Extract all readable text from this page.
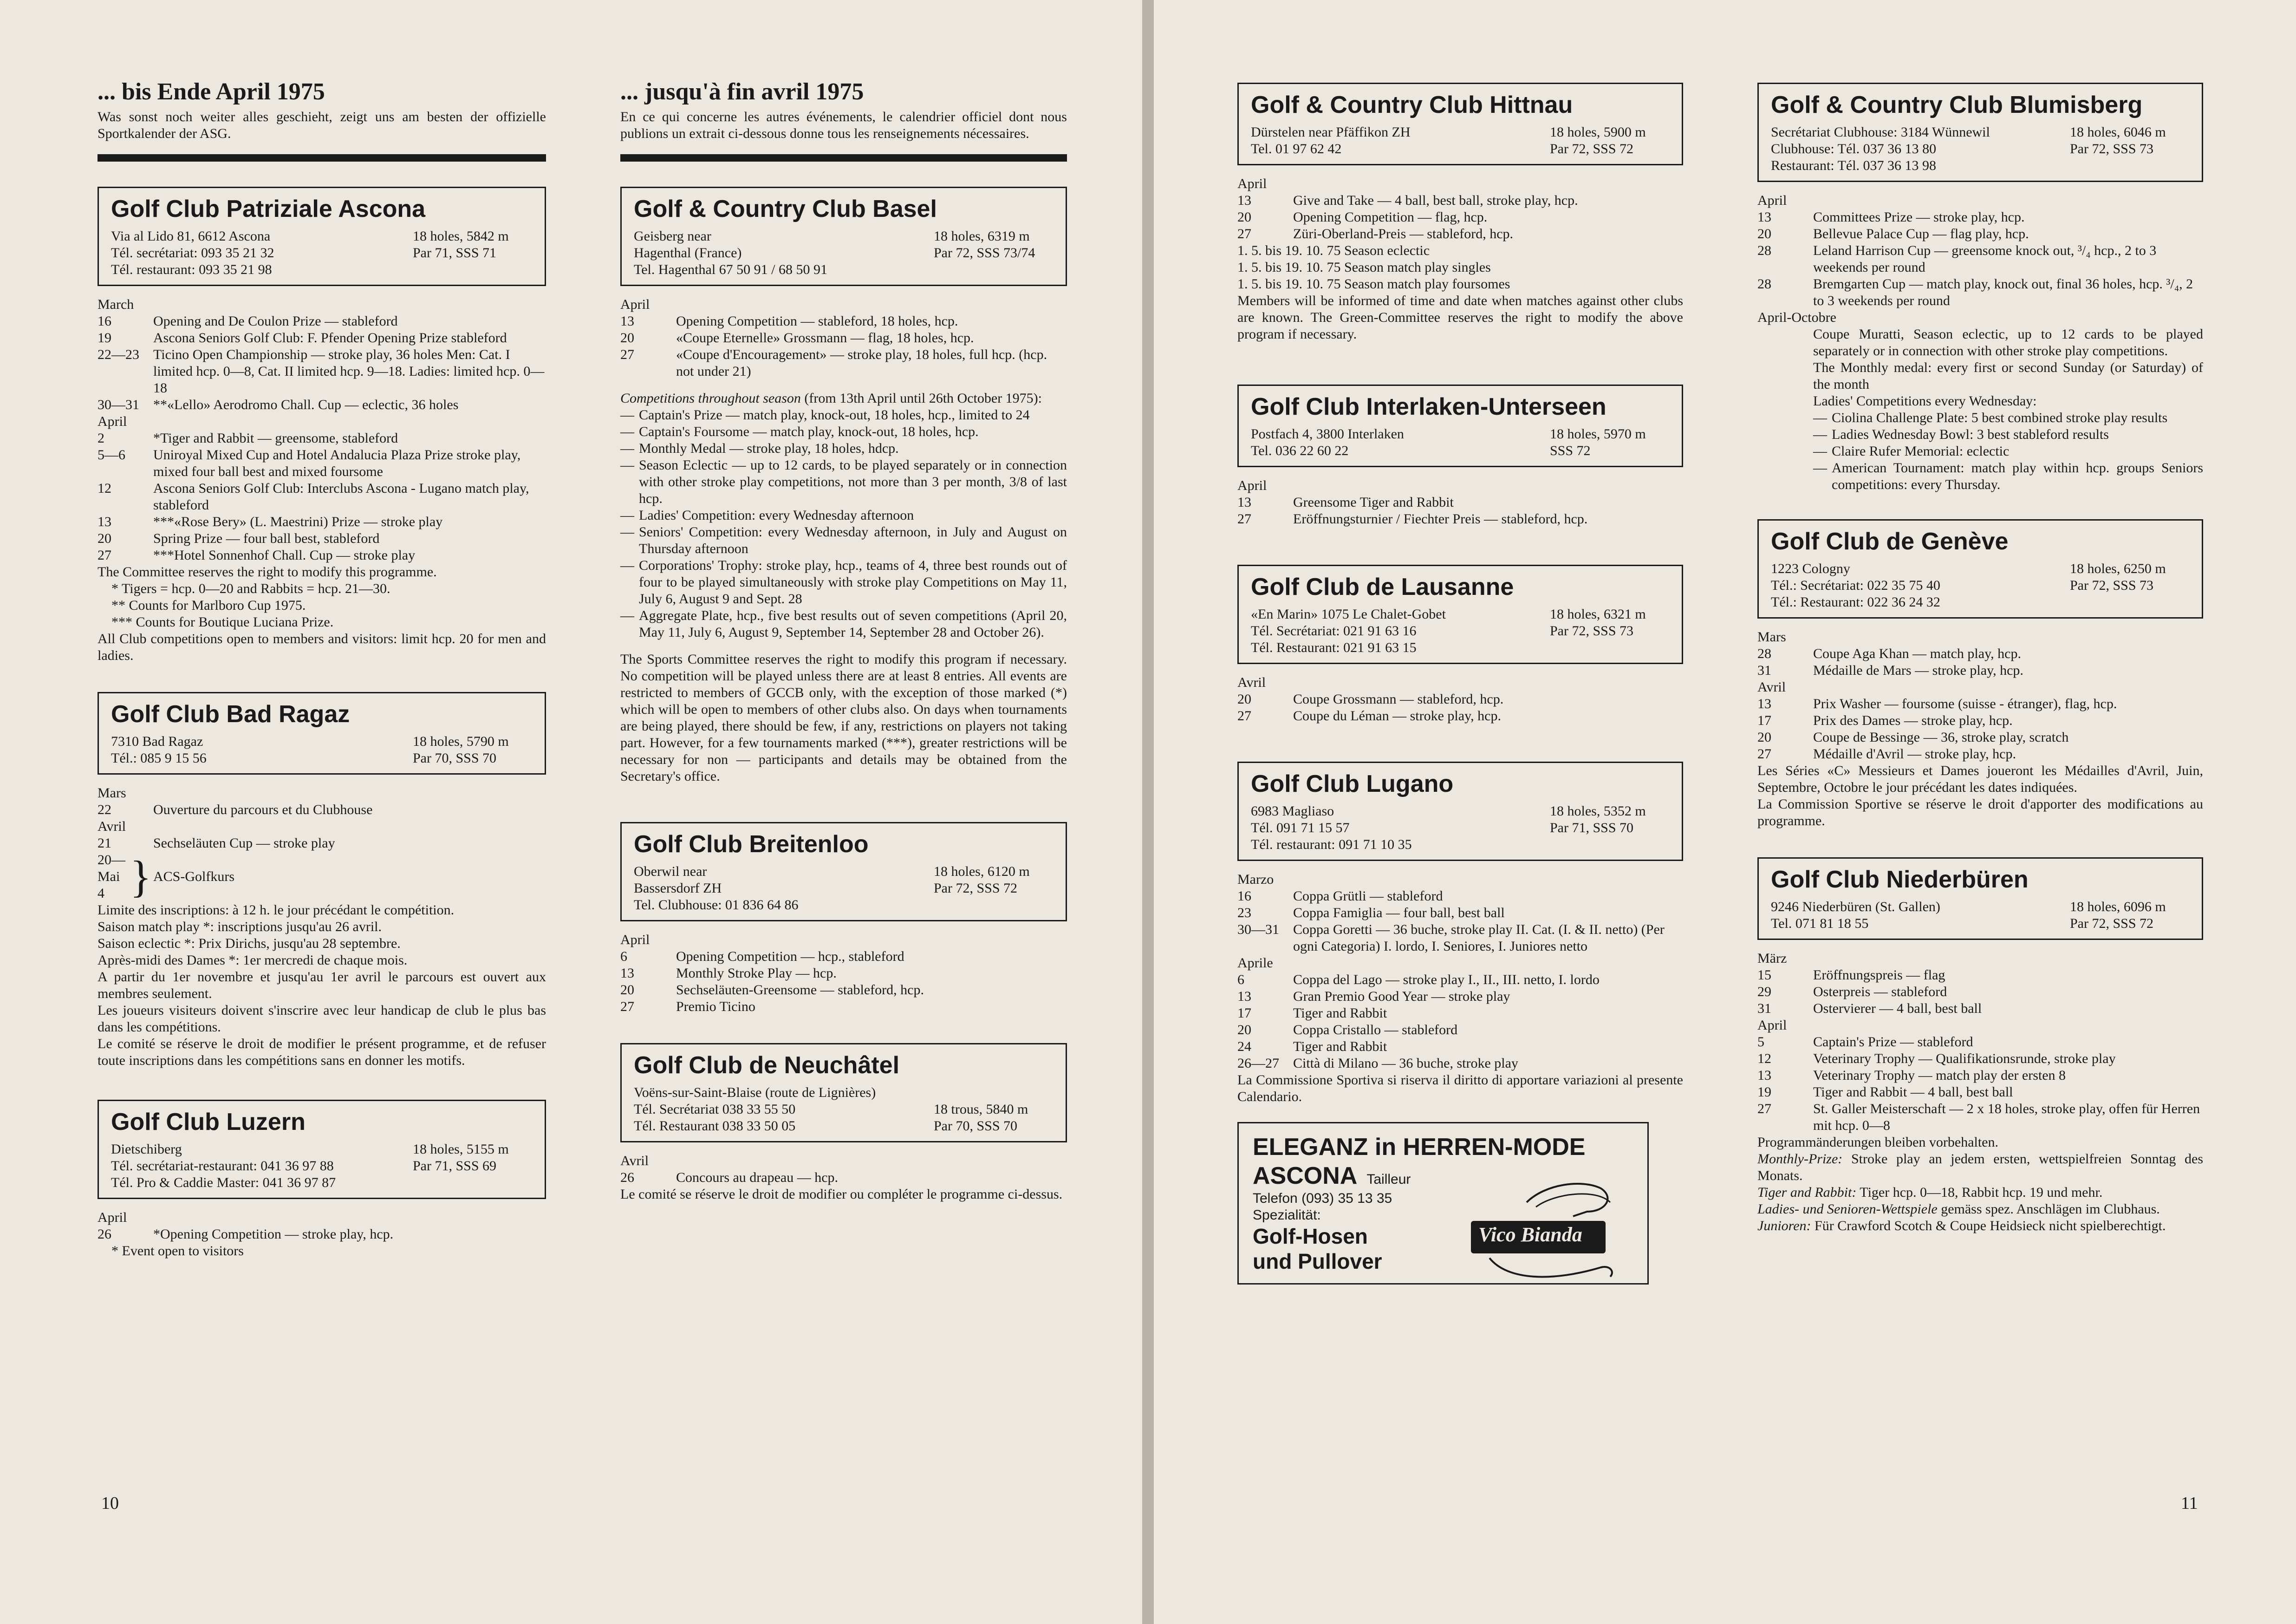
... bis Ende April 1975
Was sonst noch weiter alles geschieht, zeigt uns am besten der offizielle Sportkalender der ASG.
Golf Club Patriziale Ascona
Via al Lido 81, 6612 Ascona	18 holes, 5842 m
Tél. secrétariat: 093 35 21 32	Par 71, SSS 71
Tél. restaurant: 093 35 21 98
March
16	Opening and De Coulon Prize — stableford
19	Ascona Seniors Golf Club: F. Pfender Opening Prize stableford
22—23	Ticino Open Championship — stroke play, 36 holes Men: Cat. I limited hcp. 0—8, Cat. II limited hcp. 9—18. Ladies: limited hcp. 0—18
30—31	**«Lello» Aerodromo Chall. Cup — eclectic, 36 holes
April
2	*Tiger and Rabbit — greensome, stableford
5—6	Uniroyal Mixed Cup and Hotel Andalucia Plaza Prize stroke play, mixed four ball best and mixed foursome
12	Ascona Seniors Golf Club: Interclubs Ascona - Lugano match play, stableford
13	***«Rose Bery» (L. Maestrini) Prize — stroke play
20	Spring Prize — four ball best, stableford
27	***Hotel Sonnenhof Chall. Cup — stroke play
The Committee reserves the right to modify this programme.
* Tigers = hcp. 0—20 and Rabbits = hcp. 21—30.
** Counts for Marlboro Cup 1975.
*** Counts for Boutique Luciana Prize.
All Club competitions open to members and visitors: limit hcp. 20 for men and ladies.
Golf Club Bad Ragaz
7310 Bad Ragaz	18 holes, 5790 m
Tél.: 085 9 15 56	Par 70, SSS 70
Mars
22	Ouverture du parcours et du Clubhouse
Avril
21	Sechseläuten Cup — stroke play
20—
Mai
4 } ACS-Golfkurs
Limite des inscriptions: à 12 h. le jour précédant le compétition.
Saison match play *: inscriptions jusqu'au 26 avril.
Saison eclectic *: Prix Dirichs, jusqu'au 28 septembre.
Après-midi des Dames *: 1er mercredi de chaque mois.
A partir du 1er novembre et jusqu'au 1er avril le parcours est ouvert aux membres seulement.
Les joueurs visiteurs doivent s'inscrire avec leur handicap de club le plus bas dans les compétitions.
Le comité se réserve le droit de modifier le présent programme, et de refuser toute inscriptions dans les compétitions sans en donner les motifs.
Golf Club Luzern
Dietschiberg	18 holes, 5155 m
Tél. secrétariat-restaurant: 041 36 97 88	Par 71, SSS 69
Tél. Pro & Caddie Master: 041 36 97 87
April
26	*Opening Competition — stroke play, hcp.
* Event open to visitors
... jusqu'à fin avril 1975
En ce qui concerne les autres événements, le calendrier officiel dont nous publions un extrait ci-dessous donne tous les renseignements nécessaires.
Golf & Country Club Basel
Geisberg near	18 holes, 6319 m
Hagenthal (France)	Par 72, SSS 73/74
Tel. Hagenthal 67 50 91 / 68 50 91
April
13	Opening Competition — stableford, 18 holes, hcp.
20	«Coupe Eternelle» Grossmann — flag, 18 holes, hcp.
27	«Coupe d'Encouragement» — stroke play, 18 holes, full hcp. (hcp. not under 21)
Competitions throughout season (from 13th April until 26th October 1975):
— Captain's Prize — match play, knock-out, 18 holes, hcp., limited to 24
— Captain's Foursome — match play, knock-out, 18 holes, hcp.
— Monthly Medal — stroke play, 18 holes, hdcp.
— Season Eclectic — up to 12 cards, to be played separately or in connection with other stroke play competitions, not more than 3 per month, 3/8 of last hcp.
— Ladies' Competition: every Wednesday afternoon
— Seniors' Competition: every Wednesday afternoon, in July and August on Thursday afternoon
— Corporations' Trophy: stroke play, hcp., teams of 4, three best rounds out of four to be played simultaneously with stroke play Competitions on May 11, July 6, August 9 and Sept. 28
— Aggregate Plate, hcp., five best results out of seven competitions (April 20, May 11, July 6, August 9, September 14, September 28 and October 26).
The Sports Committee reserves the right to modify this program if necessary. No competition will be played unless there are at least 8 entries. All events are restricted to members of GCCB only, with the exception of those marked (*) which will be open to members of other clubs also. On days when tournaments are being played, there should be few, if any, restrictions on players not taking part. However, for a few tournaments marked (***), greater restrictions will be necessary for non — participants and details may be obtained from the Secretary's office.
Golf Club Breitenloo
Oberwil near	18 holes, 6120 m
Bassersdorf ZH	Par 72, SSS 72
Tel. Clubhouse: 01 836 64 86
April
6	Opening Competition — hcp., stableford
13	Monthly Stroke Play — hcp.
20	Sechseläuten-Greensome — stableford, hcp.
27	Premio Ticino
Golf Club de Neuchâtel
Voëns-sur-Saint-Blaise (route de Lignières)
Tél. Secrétariat 038 33 55 50	18 trous, 5840 m
Tél. Restaurant 038 33 50 05	Par 70, SSS 70
Avril
26	Concours au drapeau — hcp.
Le comité se réserve le droit de modifier ou compléter le programme ci-dessus.
10
Golf & Country Club Hittnau
Dürstelen near Pfäffikon ZH	18 holes, 5900 m
Tel. 01 97 62 42	Par 72, SSS 72
April
13	Give and Take — 4 ball, best ball, stroke play, hcp.
20	Opening Competition — flag, hcp.
27	Züri-Oberland-Preis — stableford, hcp.
1. 5. bis 19. 10. 75 Season eclectic
1. 5. bis 19. 10. 75 Season match play singles
1. 5. bis 19. 10. 75 Season match play foursomes
Members will be informed of time and date when matches against other clubs are known. The Green-Committee reserves the right to modify the above program if necessary.
Golf Club Interlaken-Unterseen
Postfach 4, 3800 Interlaken	18 holes, 5970 m
Tel. 036 22 60 22	SSS 72
April
13	Greensome Tiger and Rabbit
27	Eröffnungsturnier / Fiechter Preis — stableford, hcp.
Golf Club de Lausanne
«En Marin» 1075 Le Chalet-Gobet	18 holes, 6321 m
Tél. Secrétariat: 021 91 63 16	Par 72, SSS 73
Tél. Restaurant: 021 91 63 15
Avril
20	Coupe Grossmann — stableford, hcp.
27	Coupe du Léman — stroke play, hcp.
Golf Club Lugano
6983 Magliaso	18 holes, 5352 m
Tél. 091 71 15 57	Par 71, SSS 70
Tél. restaurant: 091 71 10 35
Marzo
16	Coppa Grütli — stableford
23	Coppa Famiglia — four ball, best ball
30—31	Coppa Goretti — 36 buche, stroke play II. Cat. (I. & II. netto) (Per ogni Categoria) I. lordo, I. Seniores, I. Juniores netto
Aprile
6	Coppa del Lago — stroke play I., II., III. netto, I. lordo
13	Gran Premio Good Year — stroke play
17	Tiger and Rabbit
20	Coppa Cristallo — stableford
24	Tiger and Rabbit
26—27	Città di Milano — 36 buche, stroke play
La Commissione Sportiva si riserva il diritto di apportare variazioni al presente Calendario.
ELEGANZ in HERREN-MODE
ASCONA Tailleur
Telefon (093) 35 13 35
Spezialität:
Golf-Hosen
und Pullover
Vico Bianda
Golf & Country Club Blumisberg
Secrétariat Clubhouse: 3184 Wünnewil	18 holes, 6046 m
Clubhouse: Tél. 037 36 13 80	Par 72, SSS 73
Restaurant: Tél. 037 36 13 98
April
13	Committees Prize — stroke play, hcp.
20	Bellevue Palace Cup — flag play, hcp.
28	Leland Harrison Cup — greensome knock out, ³/₄ hcp., 2 to 3 weekends per round
28	Bremgarten Cup — match play, knock out, final 36 holes, hcp. ³/₄, 2 to 3 weekends per round
April-Octobre
Coupe Muratti, Season eclectic, up to 12 cards to be played separately or in connection with other stroke play competitions.
The Monthly medal: every first or second Sunday (or Saturday) of the month
Ladies' Competitions every Wednesday:
— Ciolina Challenge Plate: 5 best combined stroke play results
— Ladies Wednesday Bowl: 3 best stableford results
— Claire Rufer Memorial: eclectic
— American Tournament: match play within hcp. groups Seniors competitions: every Thursday.
Golf Club de Genève
1223 Cologny	18 holes, 6250 m
Tél.: Secrétariat: 022 35 75 40	Par 72, SSS 73
Tél.: Restaurant: 022 36 24 32
Mars
28	Coupe Aga Khan — match play, hcp.
31	Médaille de Mars — stroke play, hcp.
Avril
13	Prix Washer — foursome (suisse - étranger), flag, hcp.
17	Prix des Dames — stroke play, hcp.
20	Coupe de Bessinge — 36, stroke play, scratch
27	Médaille d'Avril — stroke play, hcp.
Les Séries «C» Messieurs et Dames joueront les Médailles d'Avril, Juin, Septembre, Octobre le jour précédant les dates indiquées.
La Commission Sportive se réserve le droit d'apporter des modifications au programme.
Golf Club Niederbüren
9246 Niederbüren (St. Gallen)	18 holes, 6096 m
Tel. 071 81 18 55	Par 72, SSS 72
März
15	Eröffnungspreis — flag
29	Osterpreis — stableford
31	Ostervierer — 4 ball, best ball
April
5	Captain's Prize — stableford
12	Veterinary Trophy — Qualifikationsrunde, stroke play
13	Veterinary Trophy — match play der ersten 8
19	Tiger and Rabbit — 4 ball, best ball
27	St. Galler Meisterschaft — 2 x 18 holes, stroke play, offen für Herren mit hcp. 0—8
Programmänderungen bleiben vorbehalten.
Monthly-Prize: Stroke play an jedem ersten, wettspielfreien Sonntag des Monats.
Tiger and Rabbit: Tiger hcp. 0—18, Rabbit hcp. 19 und mehr.
Ladies- und Senioren-Wettspiele gemäss spez. Anschlägen im Clubhaus.
Junioren: Für Crawford Scotch & Coupe Heidsieck nicht spielberechtigt.
11
